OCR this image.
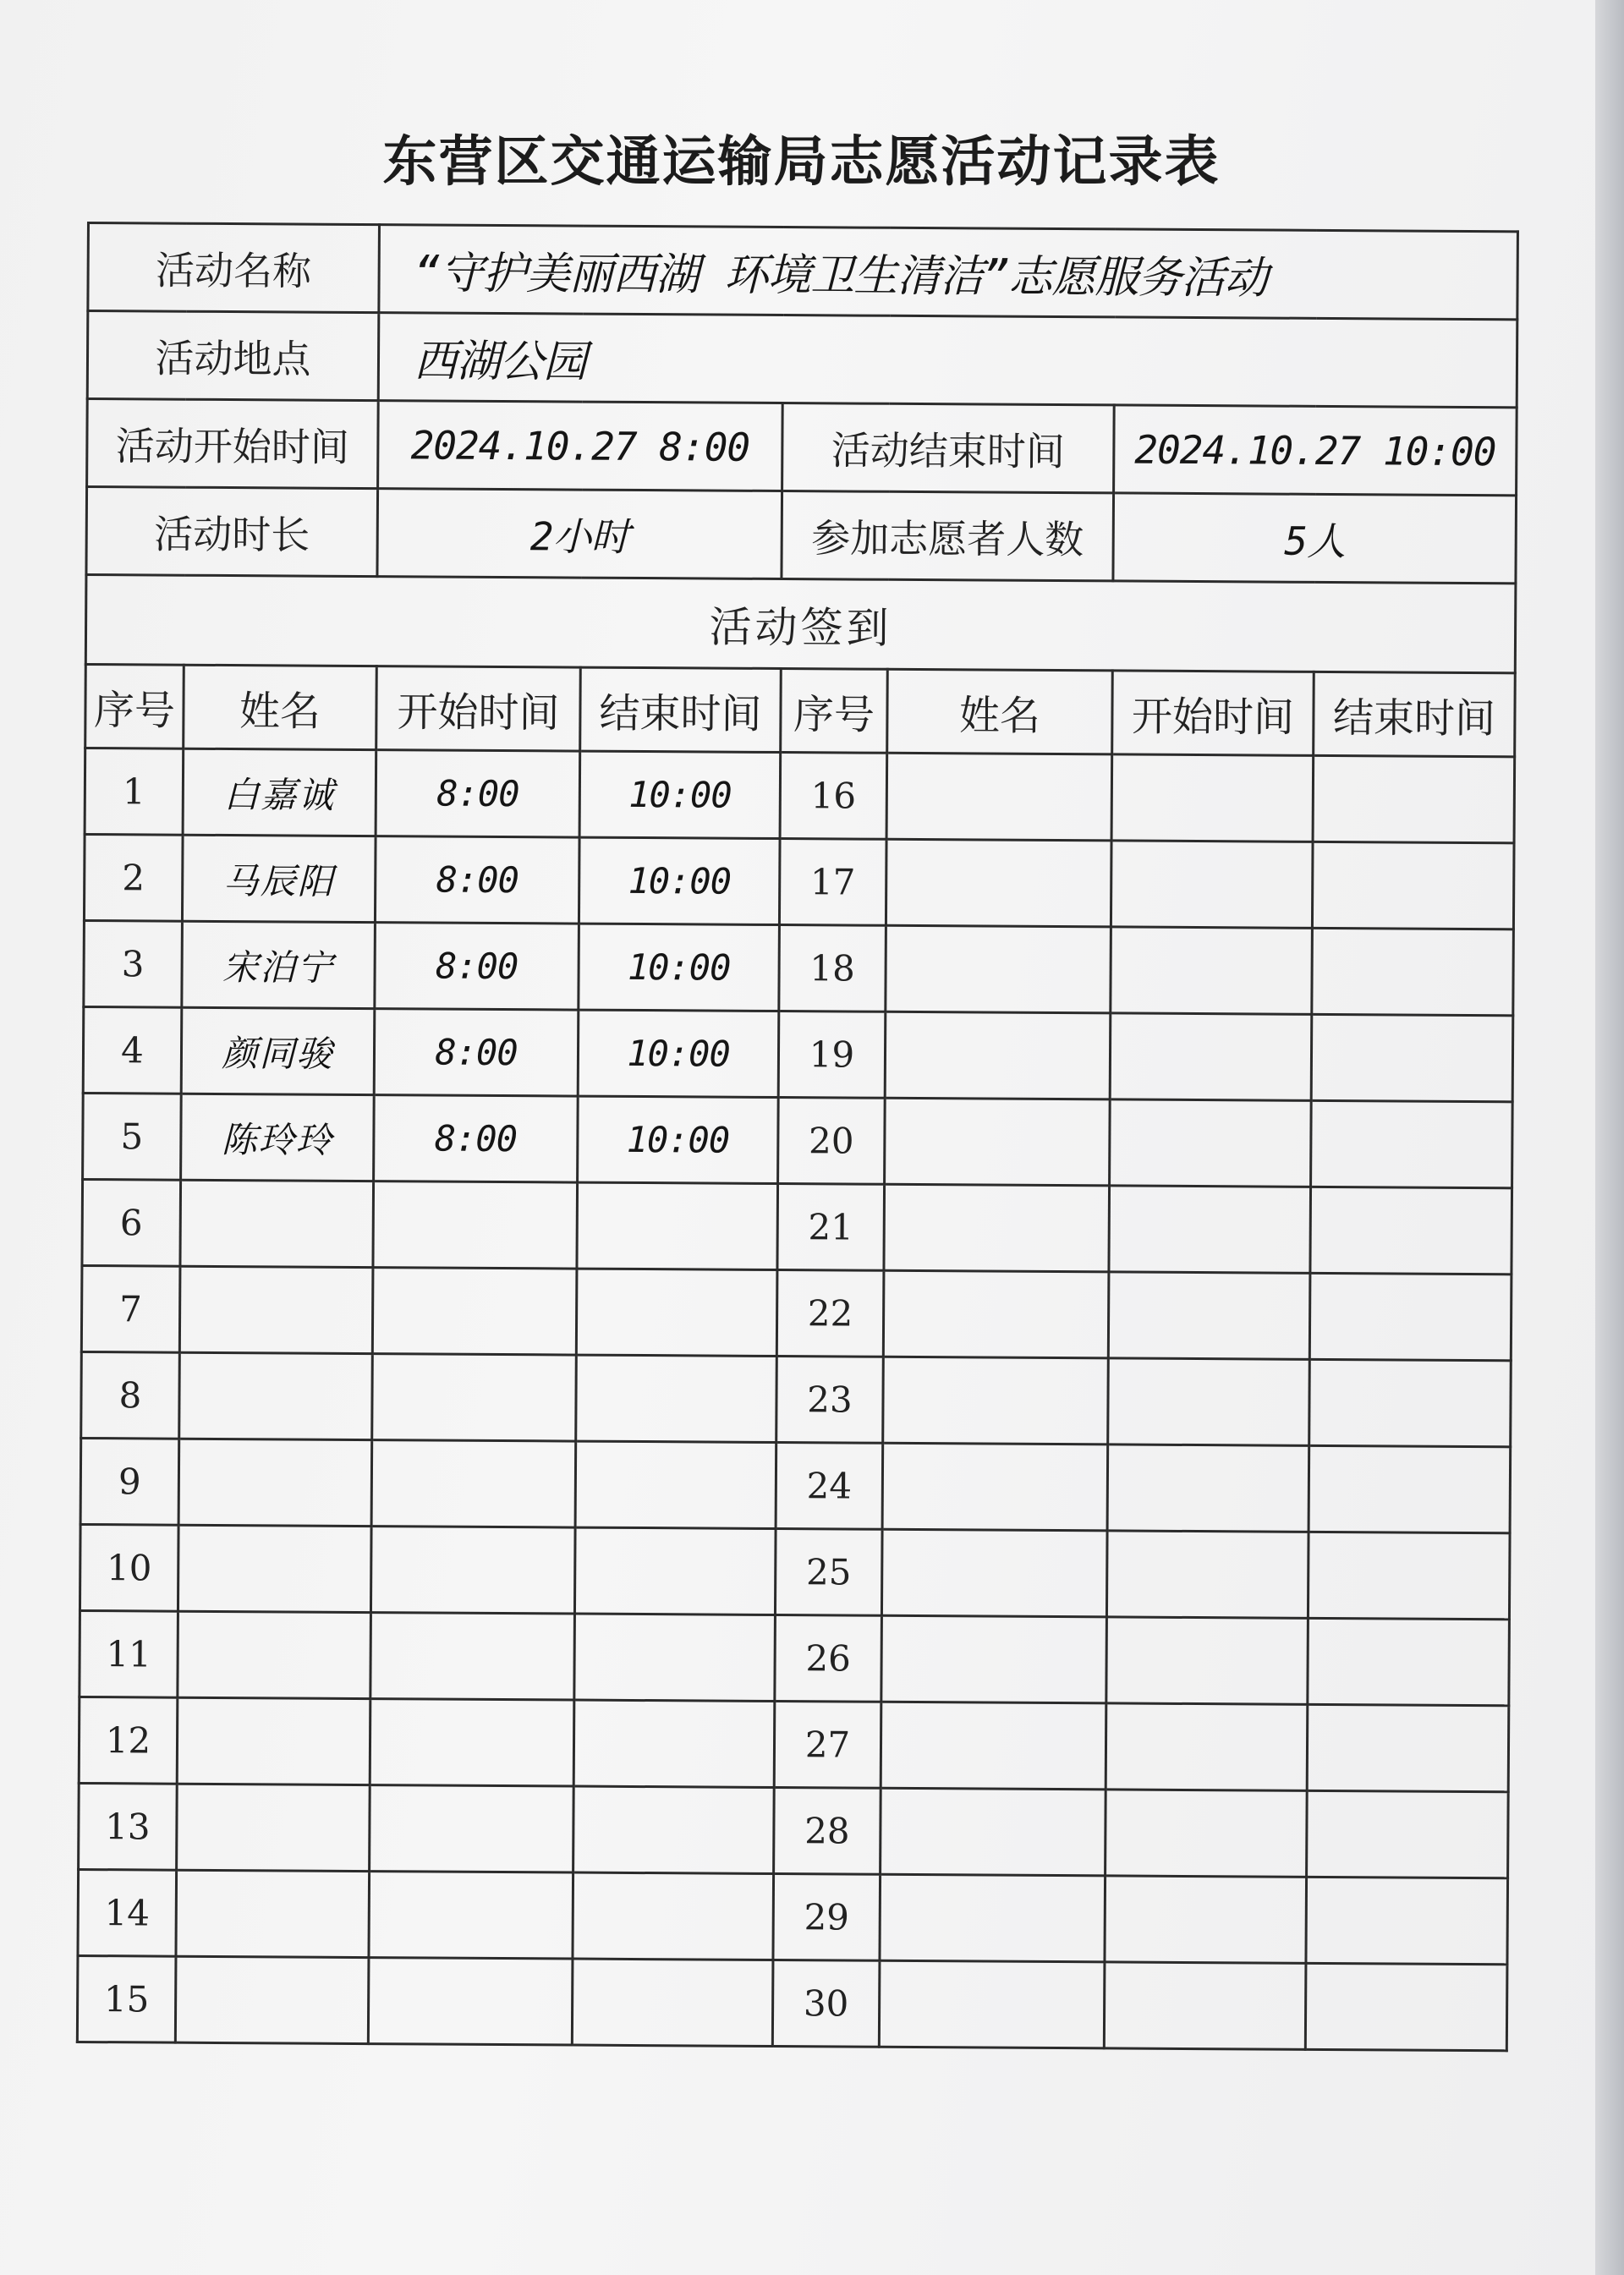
东营区交通运输局志愿活动记录表
活动名称		“守护美丽西湖 环境卫生清洁”志愿服务活动					
活动地点		西湖公园					
活动开始时间		2024.10.27 8:00		活动结束时间		2024.10.27 10:00	
活动时长		2小时		参加志愿者人数		5人	
活动签到							
序号	姓名	开始时间	结束时间	序号	姓名	开始时间	结束时间
1	白嘉诚	8:00	10:00	16			
2	马辰阳	8:00	10:00	17			
3	宋泊宁	8:00	10:00	18			
4	颜同骏	8:00	10:00	19			
5	陈玲玲	8:00	10:00	20			
6				21			
7				22			
8				23			
9				24			
10				25			
11				26			
12				27			
13				28			
14				29			
15				30			
